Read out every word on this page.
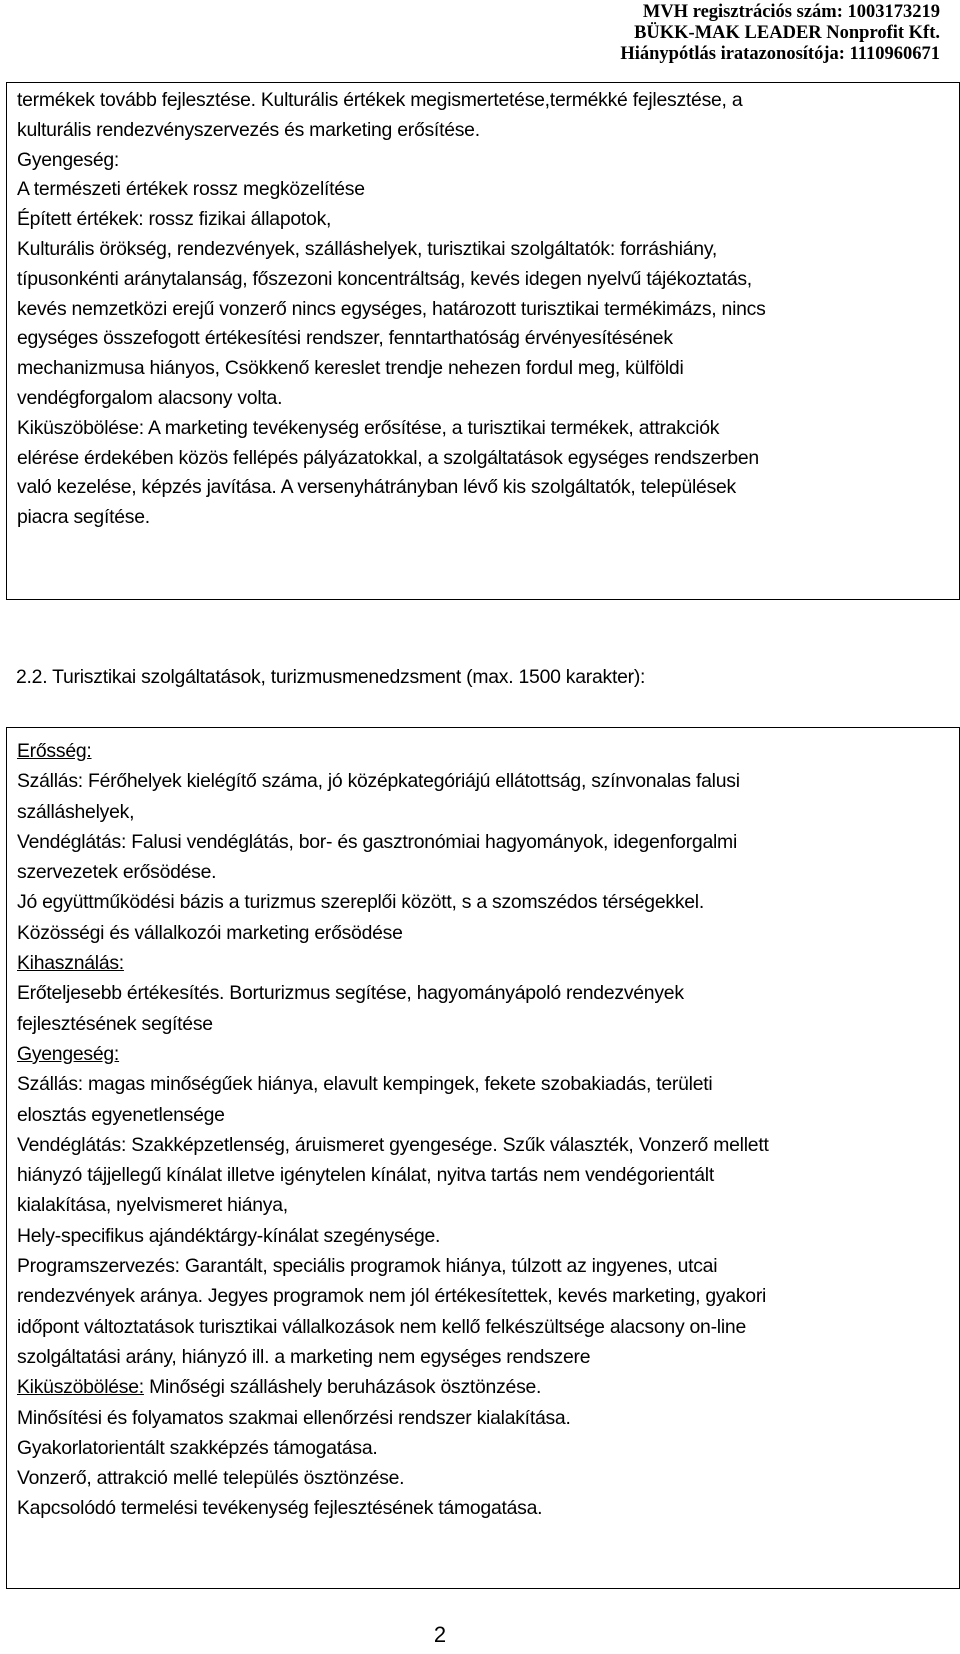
MVH regisztrációs szám: 1003173219
BÜKK-MAK LEADER Nonprofit Kft.
Hiánypótlás iratazonosítója: 1110960671
termékek tovább fejlesztése. Kulturális értékek megismertetése,termékké fejlesztése, a
kulturális rendezvényszervezés és marketing erősítése.
Gyengeség:
A természeti értékek rossz megközelítése
Épített értékek: rossz fizikai állapotok,
Kulturális örökség, rendezvények, szálláshelyek, turisztikai szolgáltatók: forráshiány,
típusonkénti aránytalanság, főszezoni koncentráltság, kevés idegen nyelvű tájékoztatás,
kevés nemzetközi erejű vonzerő nincs egységes, határozott turisztikai termékimázs, nincs
egységes összefogott értékesítési rendszer, fenntarthatóság érvényesítésének
mechanizmusa hiányos, Csökkenő kereslet trendje nehezen fordul meg, külföldi
vendégforgalom alacsony volta.
Kiküszöbölése: A marketing tevékenység erősítése, a turisztikai termékek, attrakciók
elérése érdekében közös fellépés pályázatokkal, a szolgáltatások egységes rendszerben
való kezelése, képzés javítása. A versenyhátrányban lévő kis szolgáltatók, települések
piacra segítése.
2.2. Turisztikai szolgáltatások, turizmusmenedzsment (max. 1500 karakter):
Erősség:
Szállás: Férőhelyek kielégítő száma, jó középkategóriájú ellátottság, színvonalas falusi
szálláshelyek,
Vendéglátás: Falusi vendéglátás, bor- és gasztronómiai hagyományok, idegenforgalmi
szervezetek erősödése.
Jó együttműködési bázis a turizmus szereplői között, s a szomszédos térségekkel.
Közösségi és vállalkozói marketing erősödése
Kihasználás:
Erőteljesebb értékesítés. Borturizmus segítése, hagyományápoló rendezvények
fejlesztésének segítése
Gyengeség:
Szállás: magas minőségűek hiánya, elavult kempingek, fekete szobakiadás, területi
elosztás egyenetlensége
Vendéglátás: Szakképzetlenség, áruismeret gyengesége. Szűk választék, Vonzerő mellett
hiányzó tájjellegű kínálat illetve igénytelen kínálat, nyitva tartás nem vendégorientált
kialakítása, nyelvismeret hiánya,
Hely-specifikus ajándéktárgy-kínálat szegénysége.
Programszervezés: Garantált, speciális programok hiánya, túlzott az ingyenes, utcai
rendezvények aránya. Jegyes programok nem jól értékesítettek, kevés marketing, gyakori
időpont változtatások turisztikai vállalkozások nem kellő felkészültsége alacsony on-line
szolgáltatási arány, hiányzó ill. a marketing nem egységes rendszere
Kiküszöbölése: Minőségi szálláshely beruházások ösztönzése.
Minősítési és folyamatos szakmai ellenőrzési rendszer kialakítása.
Gyakorlatorientált szakképzés támogatása.
Vonzerő, attrakció mellé település ösztönzése.
Kapcsolódó termelési tevékenység fejlesztésének támogatása.
2
